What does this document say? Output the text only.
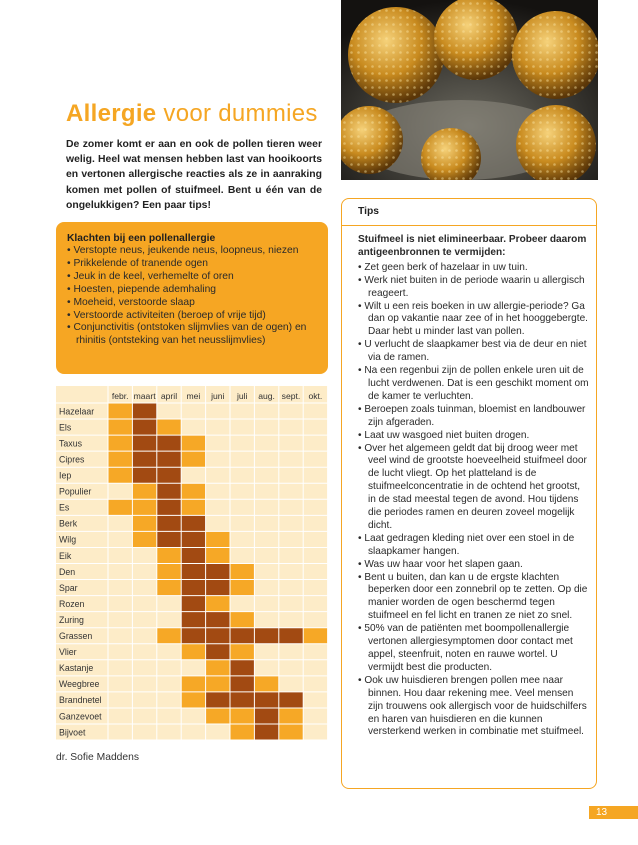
Allergie voor dummies

De zomer komt er aan en ook de pollen tieren weer welig. Heel wat mensen hebben last van hooikoorts en vertonen allergische reacties als ze in aanraking komen met pollen of stuifmeel. Bent u één van de ongelukkigen? Een paar tips!

Klachten bij een pollenallergie
• Verstopte neus, jeukende neus, loopneus, niezen
• Prikkelende of tranende ogen
• Jeuk in de keel, verhemelte of oren
• Hoesten, piepende ademhaling
• Moeheid, verstoorde slaap
• Verstoorde activiteiten (beroep of vrije tijd)
• Conjunctivitis (ontstoken slijmvlies van de ogen) en rhinitis (ontsteking van het neusslijmvlies)
febr. maart april mei juni juli aug. sept. okt.
Hazelaar
Els
Taxus
Cipres
Iep
Populier
Es
Berk
Wilg
Eik
Den
Spar
Rozen
Zuring
Grassen
Vlier
Kastanje
Weegbree
Brandnetel
Ganzevoet
Bijvoet
dr. Sofie Maddens
Tips

Stuifmeel is niet elimineerbaar. Probeer daarom antigeenbronnen te vermijden:

• Zet geen berk of hazelaar in uw tuin.
• Werk niet buiten in de periode waarin u allergisch reageert.
• Wilt u een reis boeken in uw allergie-periode? Ga dan op vakantie naar zee of in het hooggebergte. Daar hebt u minder last van pollen.
• U verlucht de slaapkamer best via de deur en niet via de ramen.
• Na een regenbui zijn de pollen enkele uren uit de lucht verdwenen. Dat is een geschikt moment om de kamer te verluchten.
• Beroepen zoals tuinman, bloemist en landbouwer zijn afgeraden.
• Laat uw wasgoed niet buiten drogen.
• Over het algemeen geldt dat bij droog weer met veel wind de grootste hoeveelheid stuifmeel door de lucht vliegt. Op het platteland is de stuifmeelconcentratie in de ochtend het grootst, in de stad meestal tegen de avond. Hou tijdens die periodes ramen en deuren zoveel mogelijk dicht.
• Laat gedragen kleding niet over een stoel in de slaapkamer hangen.
• Was uw haar voor het slapen gaan.
• Bent u buiten, dan kan u de ergste klachten beperken door een zonnebril op te zetten. Op die manier worden de ogen beschermd tegen stuifmeel en fel licht en tranen ze niet zo snel.
• 50% van de patiënten met boompollenallergie vertonen allergiesymptomen door contact met appel, steenfruit, noten en rauwe wortel. U vermijdt best die producten.
• Ook uw huisdieren brengen pollen mee naar binnen. Hou daar rekening mee. Veel mensen zijn trouwens ook allergisch voor de huidschilfers en haren van huisdieren en die kunnen versterkend werken in combinatie met stuifmeel.
13
